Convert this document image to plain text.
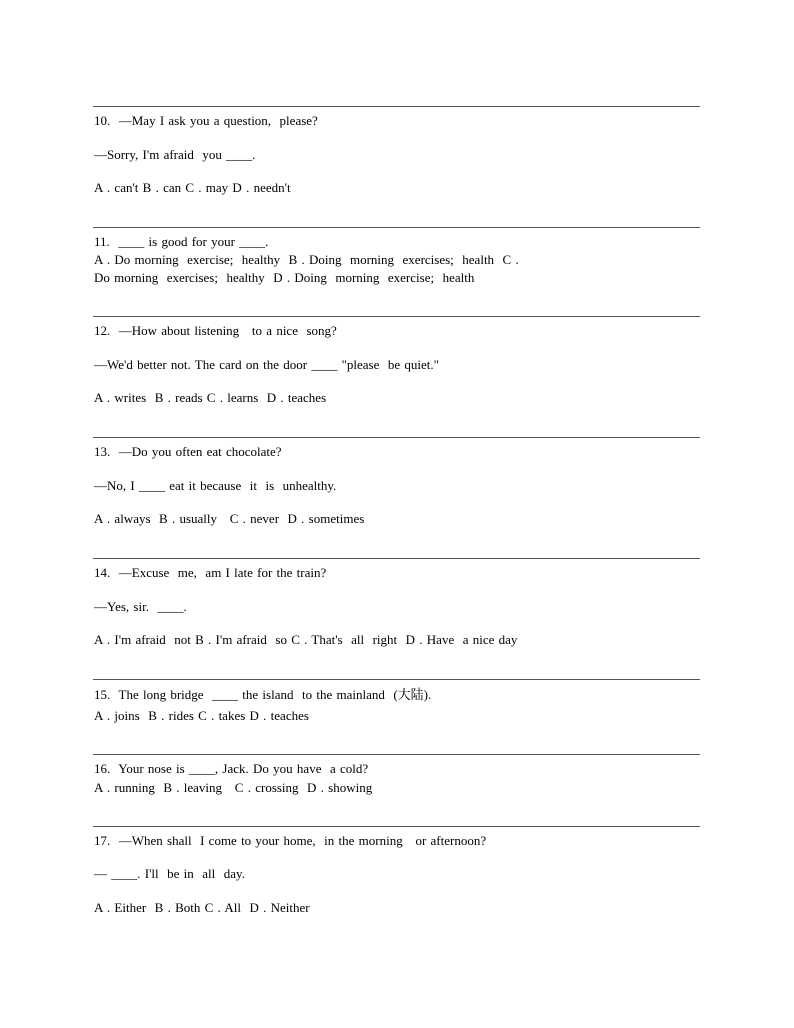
10.  —May I ask you a question,  please?
—Sorry, I'm afraid  you ____.
A . can't B . can C . may D . needn't
11.  ____ is good for your ____.
A . Do morning  exercise;  healthy  B . Doing  morning  exercises;  health  C .
Do morning  exercises;  healthy  D . Doing  morning  exercise;  health
12.  —How about listening   to a nice  song?
—We'd better not. The card on the door ____ "please  be quiet."
A . writes  B . reads C . learns  D . teaches
13.  —Do you often eat chocolate?
—No, I ____ eat it because  it  is  unhealthy.
A . always  B . usually   C . never  D . sometimes
14.  —Excuse  me,  am I late for the train?
—Yes, sir.  ____.
A . I'm afraid  not B . I'm afraid  so C . That's  all  right  D . Have  a nice day
15.  The long bridge  ____ the island  to the mainland  (大陆).
A . joins  B . rides C . takes D . teaches
16.  Your nose is ____, Jack. Do you have  a cold?
A . running  B . leaving   C . crossing  D . showing
17.  —When shall  I come to your home,  in the morning   or afternoon?
— ____. I'll  be in  all  day.
A . Either  B . Both C . All  D . Neither
